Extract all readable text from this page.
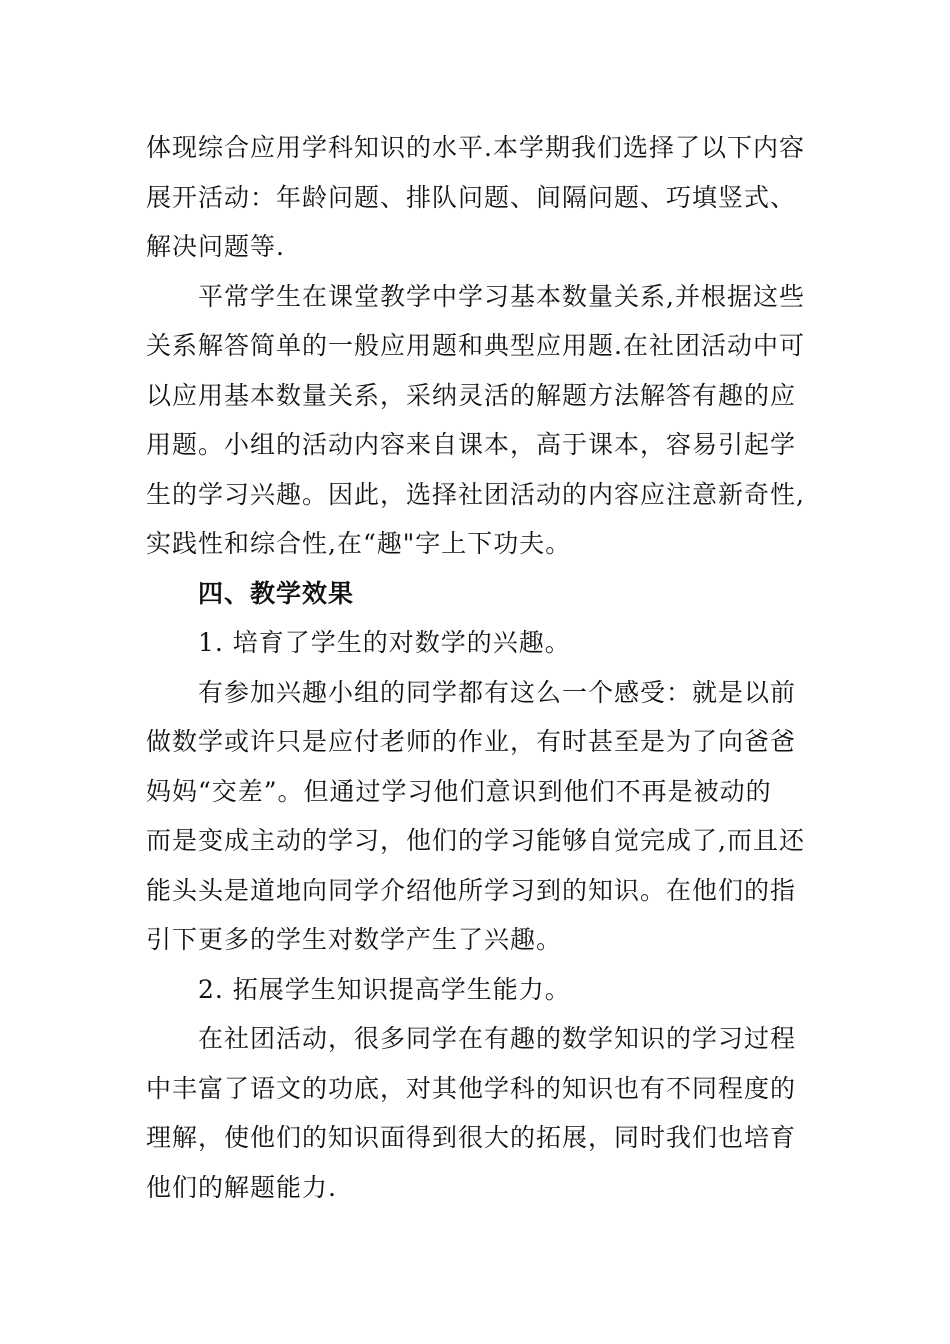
体现综合应用学科知识的水平.本学期我们选择了以下内容

展开活动：年龄问题、排队问题、间隔问题、巧填竖式、

解决问题等.

平常学生在课堂教学中学习基本数量关系,并根据这些

关系解答简单的一般应用题和典型应用题.在社团活动中可

以应用基本数量关系，采纳灵活的解题方法解答有趣的应

用题。小组的活动内容来自课本，高于课本，容易引起学

生的学习兴趣。因此，选择社团活动的内容应注意新奇性,

实践性和综合性,在“趣"字上下功夫。

四、教学效果

1. 培育了学生的对数学的兴趣。

有参加兴趣小组的同学都有这么一个感受：就是以前

做数学或许只是应付老师的作业，有时甚至是为了向爸爸

妈妈“交差”。但通过学习他们意识到他们不再是被动的

而是变成主动的学习，他们的学习能够自觉完成了,而且还

能头头是道地向同学介绍他所学习到的知识。在他们的指

引下更多的学生对数学产生了兴趣。

2. 拓展学生知识提高学生能力。

在社团活动，很多同学在有趣的数学知识的学习过程

中丰富了语文的功底，对其他学科的知识也有不同程度的

理解，使他们的知识面得到很大的拓展，同时我们也培育

他们的解题能力.
